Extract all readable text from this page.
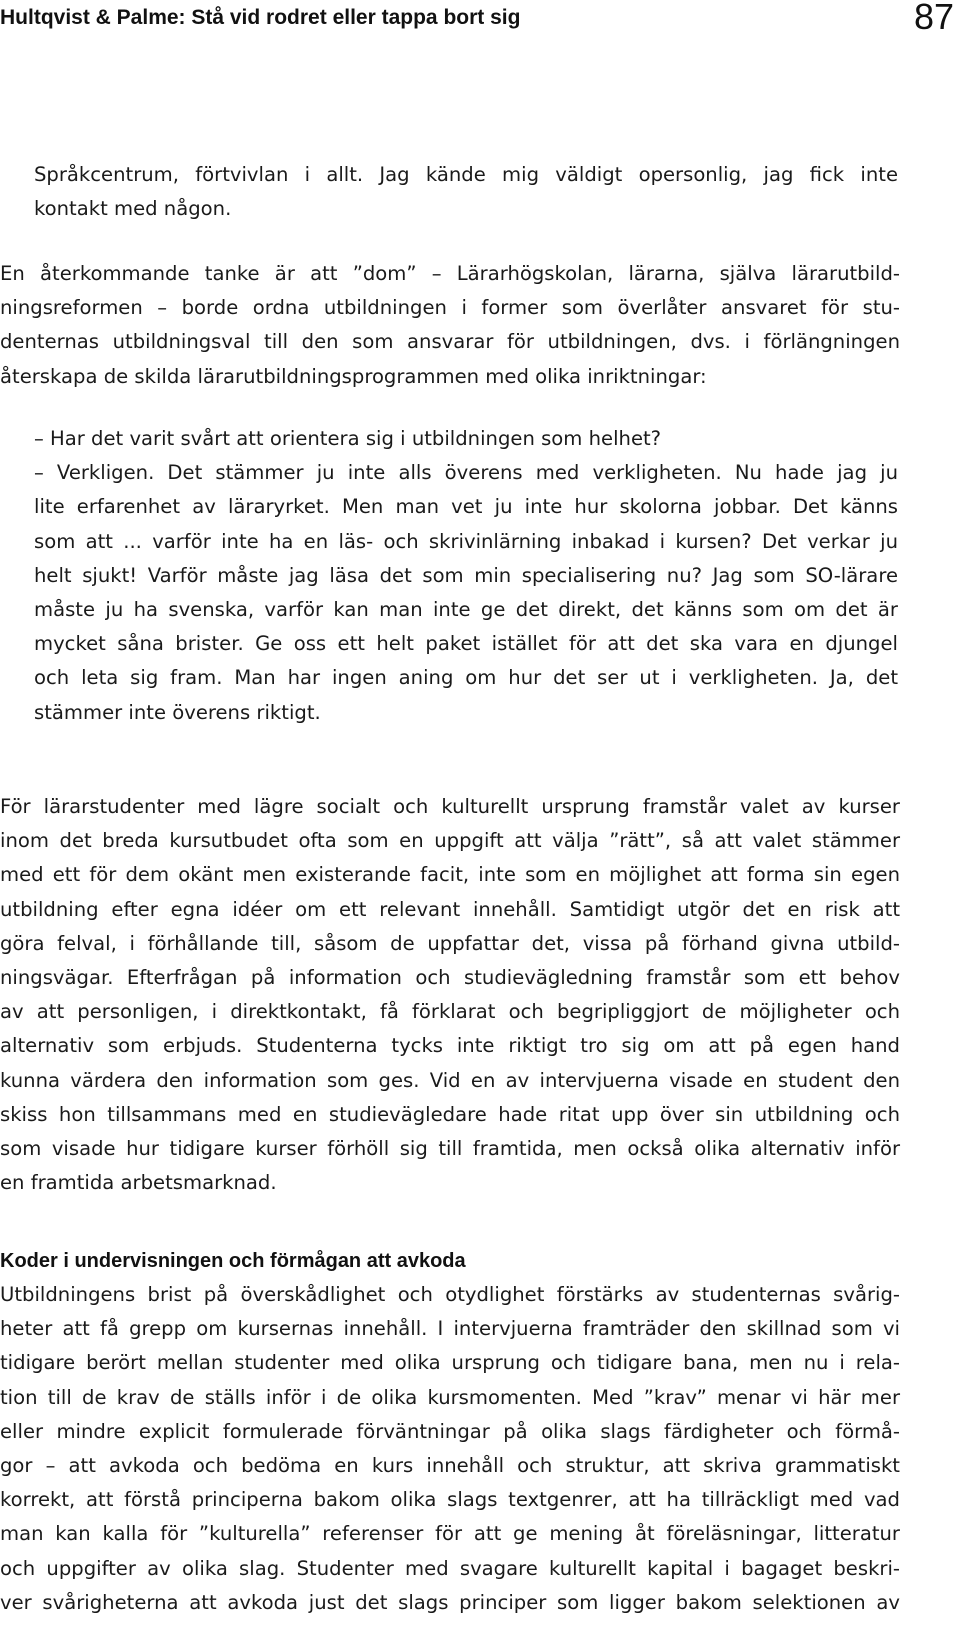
Hultqvist & Palme: Stå vid rodret eller tappa bort sig	87
Språkcentrum, förtvivlan i allt. Jag kände mig väldigt opersonlig, jag fick inte
kontakt med någon.
En återkommande tanke är att ”dom” – Lärarhögskolan, lärarna, själva lärarutbild-
ningsreformen – borde ordna utbildningen i former som överlåter ansvaret för stu-
denternas utbildningsval till den som ansvarar för utbildningen, dvs. i förlängningen
återskapa de skilda lärarutbildningsprogrammen med olika inriktningar:
– Har det varit svårt att orientera sig i utbildningen som helhet?
– Verkligen. Det stämmer ju inte alls överens med verkligheten. Nu hade jag ju
lite erfarenhet av läraryrket. Men man vet ju inte hur skolorna jobbar. Det känns
som att ... varför inte ha en läs- och skrivinlärning inbakad i kursen? Det verkar ju
helt sjukt! Varför måste jag läsa det som min specialisering nu? Jag som SO-lärare
måste ju ha svenska, varför kan man inte ge det direkt, det känns som om det är
mycket såna brister. Ge oss ett helt paket istället för att det ska vara en djungel
och leta sig fram. Man har ingen aning om hur det ser ut i verkligheten. Ja, det
stämmer inte överens riktigt.
För lärarstudenter med lägre socialt och kulturellt ursprung framstår valet av kurser
inom det breda kursutbudet ofta som en uppgift att välja ”rätt”, så att valet stämmer
med ett för dem okänt men existerande facit, inte som en möjlighet att forma sin egen
utbildning efter egna idéer om ett relevant innehåll. Samtidigt utgör det en risk att
göra felval, i förhållande till, såsom de uppfattar det, vissa på förhand givna utbild-
ningsvägar. Efterfrågan på information och studievägledning framstår som ett behov
av att personligen, i direktkontakt, få förklarat och begripliggjort de möjligheter och
alternativ som erbjuds. Studenterna tycks inte riktigt tro sig om att på egen hand
kunna värdera den information som ges. Vid en av intervjuerna visade en student den
skiss hon tillsammans med en studievägledare hade ritat upp över sin utbildning och
som visade hur tidigare kurser förhöll sig till framtida, men också olika alternativ inför
en framtida arbetsmarknad.
Koder i undervisningen och förmågan att avkoda
Utbildningens brist på överskådlighet och otydlighet förstärks av studenternas svårig-
heter att få grepp om kursernas innehåll. I intervjuerna framträder den skillnad som vi
tidigare berört mellan studenter med olika ursprung och tidigare bana, men nu i rela-
tion till de krav de ställs inför i de olika kursmomenten. Med ”krav” menar vi här mer
eller mindre explicit formulerade förväntningar på olika slags färdigheter och förmå-
gor – att avkoda och bedöma en kurs innehåll och struktur, att skriva grammatiskt
korrekt, att förstå principerna bakom olika slags textgenrer, att ha tillräckligt med vad
man kan kalla för ”kulturella” referenser för att ge mening åt föreläsningar, litteratur
och uppgifter av olika slag. Studenter med svagare kulturellt kapital i bagaget beskri-
ver svårigheterna att avkoda just det slags principer som ligger bakom selektionen av
